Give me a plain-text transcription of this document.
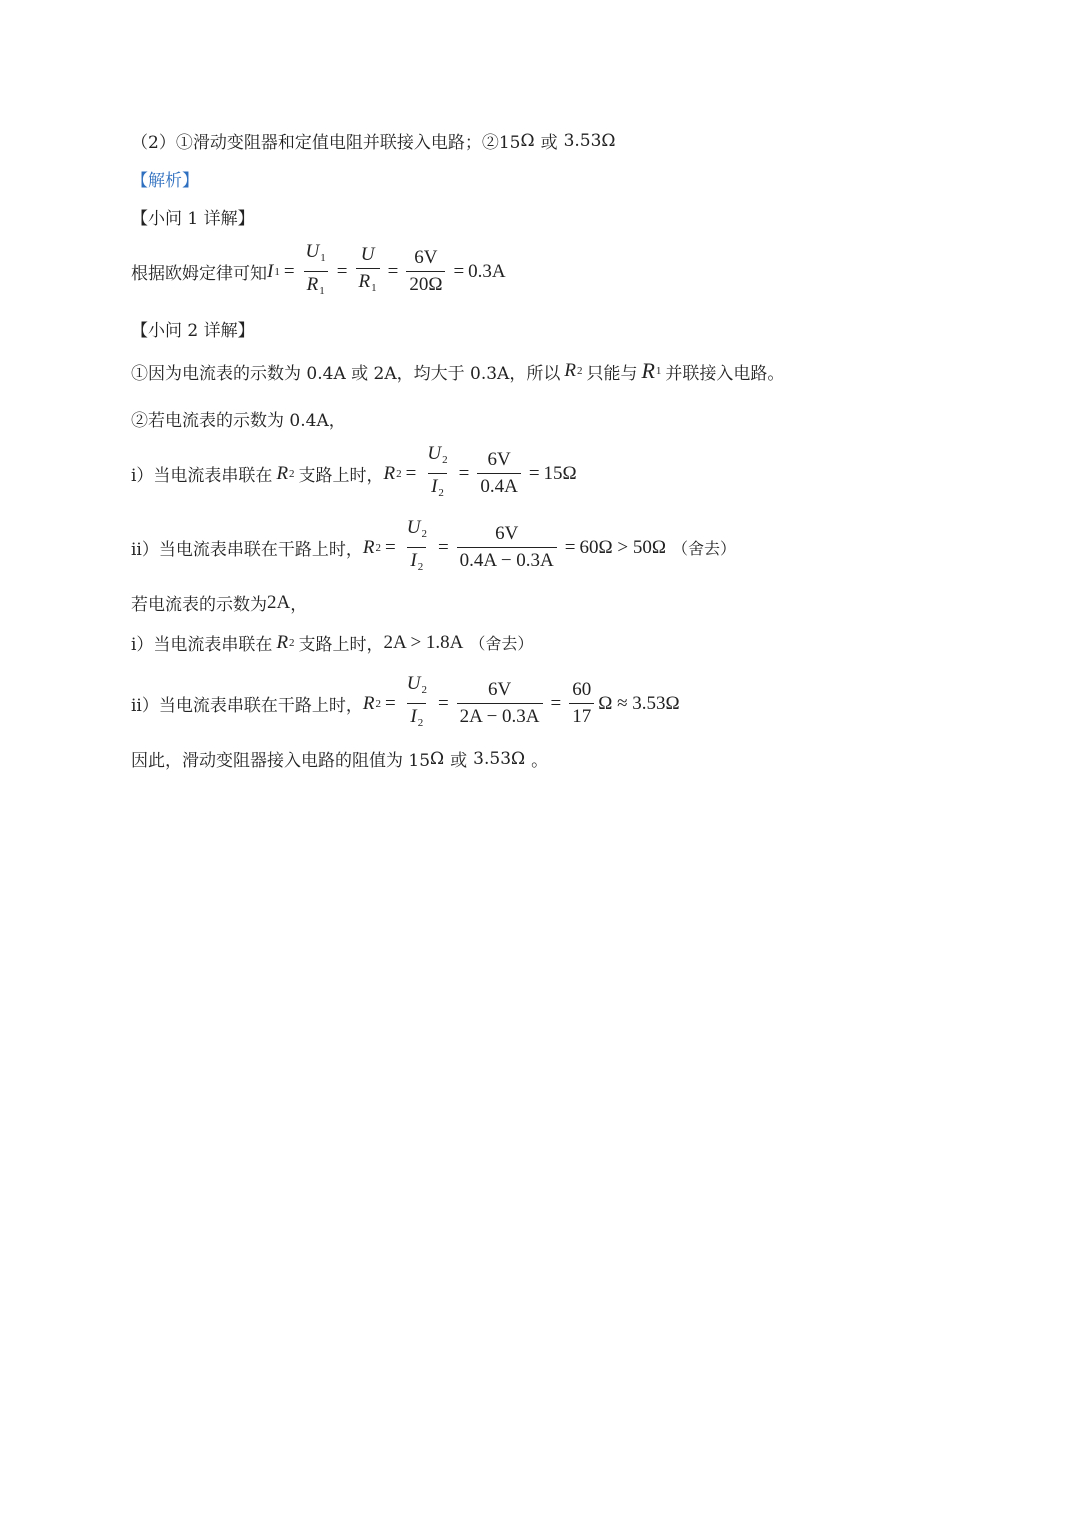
（2）①滑动变阻器和定值电阻并联接入电路；②15 Ω 或 3.53 Ω
【解析】
【小问 1 详解】
根据欧姆定律可知 I $1 = \frac{U_1}{R_1} = \frac{U}{R_1} = \frac{6V}{20\Omega} = 0.3A$
【小问 2 详解】
①因为电流表的示数为 0.4A 或 2A，均大于 0.3A，所以 R 2 只能与 R 1 并联接入电路。
②若电流表的示数为 0.4A，
i）当电流表串联在 R 2 支路上时， R $2 = \frac{U_2}{I_2} = \frac{6V}{0.4A} = 15\Omega$
ii）当电流表串联在干路上时， R $2 = \frac{U_2}{I_2} = \frac{6V}{0.4A - 0.3A} = 60\Omega > 50\Omega$ （舍去）
若电流表的示数为 2A ，
i）当电流表串联在 R 2 支路上时， 2A > 1.8A （舍去）
ii）当电流表串联在干路上时， R $2 = \frac{U_2}{I_2} = \frac{6V}{2A - 0.3A} = \frac{60}{17}$ Ω ≈ 3.53Ω
因此，滑动变阻器接入电路的阻值为 15 Ω 或 3.53 Ω 。
